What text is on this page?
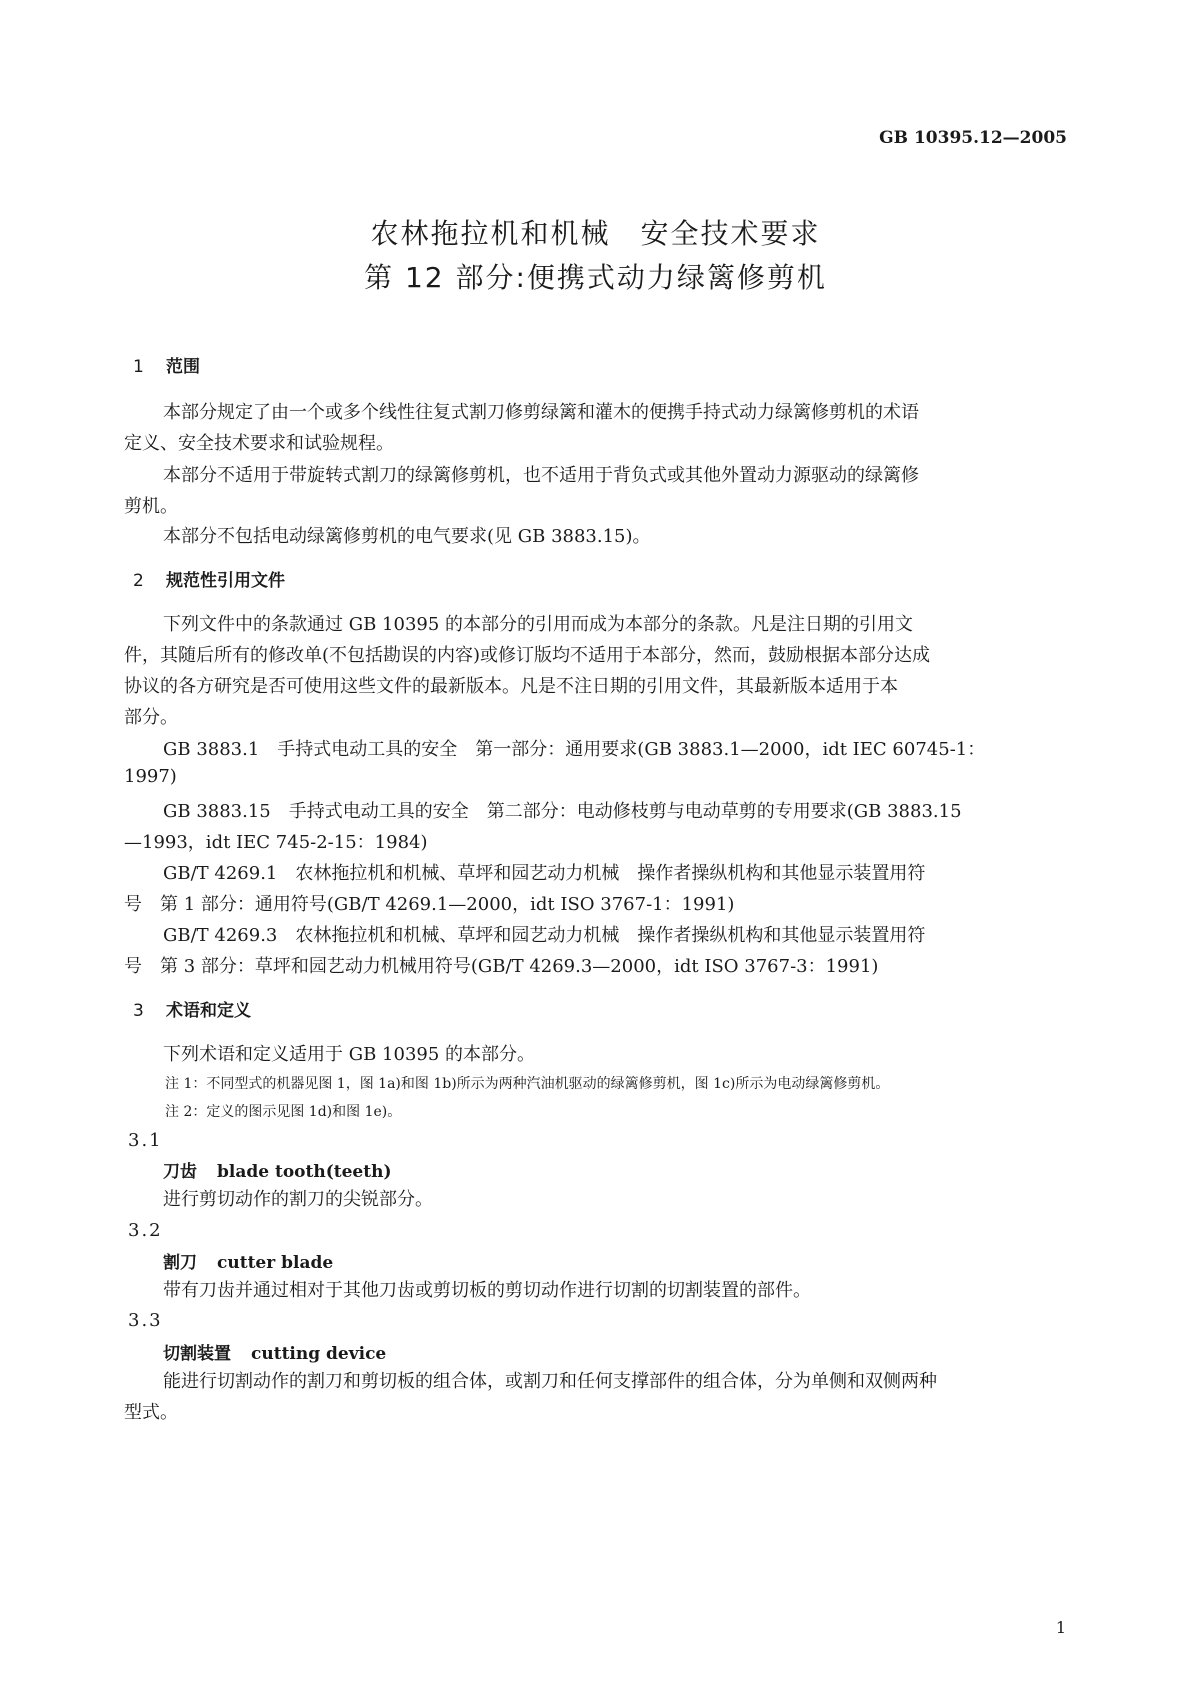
GB 10395.12—2005
农林拖拉机和机械　安全技术要求
第 12 部分:便携式动力绿篱修剪机
1 范围
本部分规定了由一个或多个线性往复式割刀修剪绿篱和灌木的便携手持式动力绿篱修剪机的术语
定义、安全技术要求和试验规程。
本部分不适用于带旋转式割刀的绿篱修剪机，也不适用于背负式或其他外置动力源驱动的绿篱修
剪机。
本部分不包括电动绿篱修剪机的电气要求(见 GB 3883.15)。
2 规范性引用文件
下列文件中的条款通过 GB 10395 的本部分的引用而成为本部分的条款。凡是注日期的引用文
件，其随后所有的修改单(不包括勘误的内容)或修订版均不适用于本部分，然而，鼓励根据本部分达成
协议的各方研究是否可使用这些文件的最新版本。凡是不注日期的引用文件，其最新版本适用于本
部分。
GB 3883.1　手持式电动工具的安全　第一部分：通用要求(GB 3883.1—2000，idt IEC 60745-1：
1997)
GB 3883.15　手持式电动工具的安全　第二部分：电动修枝剪与电动草剪的专用要求(GB 3883.15
—1993，idt IEC 745-2-15：1984)
GB/T 4269.1　农林拖拉机和机械、草坪和园艺动力机械　操作者操纵机构和其他显示装置用符
号　第 1 部分：通用符号(GB/T 4269.1—2000，idt ISO 3767-1：1991)
GB/T 4269.3　农林拖拉机和机械、草坪和园艺动力机械　操作者操纵机构和其他显示装置用符
号　第 3 部分：草坪和园艺动力机械用符号(GB/T 4269.3—2000，idt ISO 3767-3：1991)
3 术语和定义
下列术语和定义适用于 GB 10395 的本部分。
注 1：不同型式的机器见图 1，图 1a)和图 1b)所示为两种汽油机驱动的绿篱修剪机，图 1c)所示为电动绿篱修剪机。
注 2：定义的图示见图 1d)和图 1e)。
3.1
刀齿 blade tooth(teeth)
进行剪切动作的割刀的尖锐部分。
3.2
割刀 cutter blade
带有刀齿并通过相对于其他刀齿或剪切板的剪切动作进行切割的切割装置的部件。
3.3
切割装置 cutting device
能进行切割动作的割刀和剪切板的组合体，或割刀和任何支撑部件的组合体，分为单侧和双侧两种
型式。
1
